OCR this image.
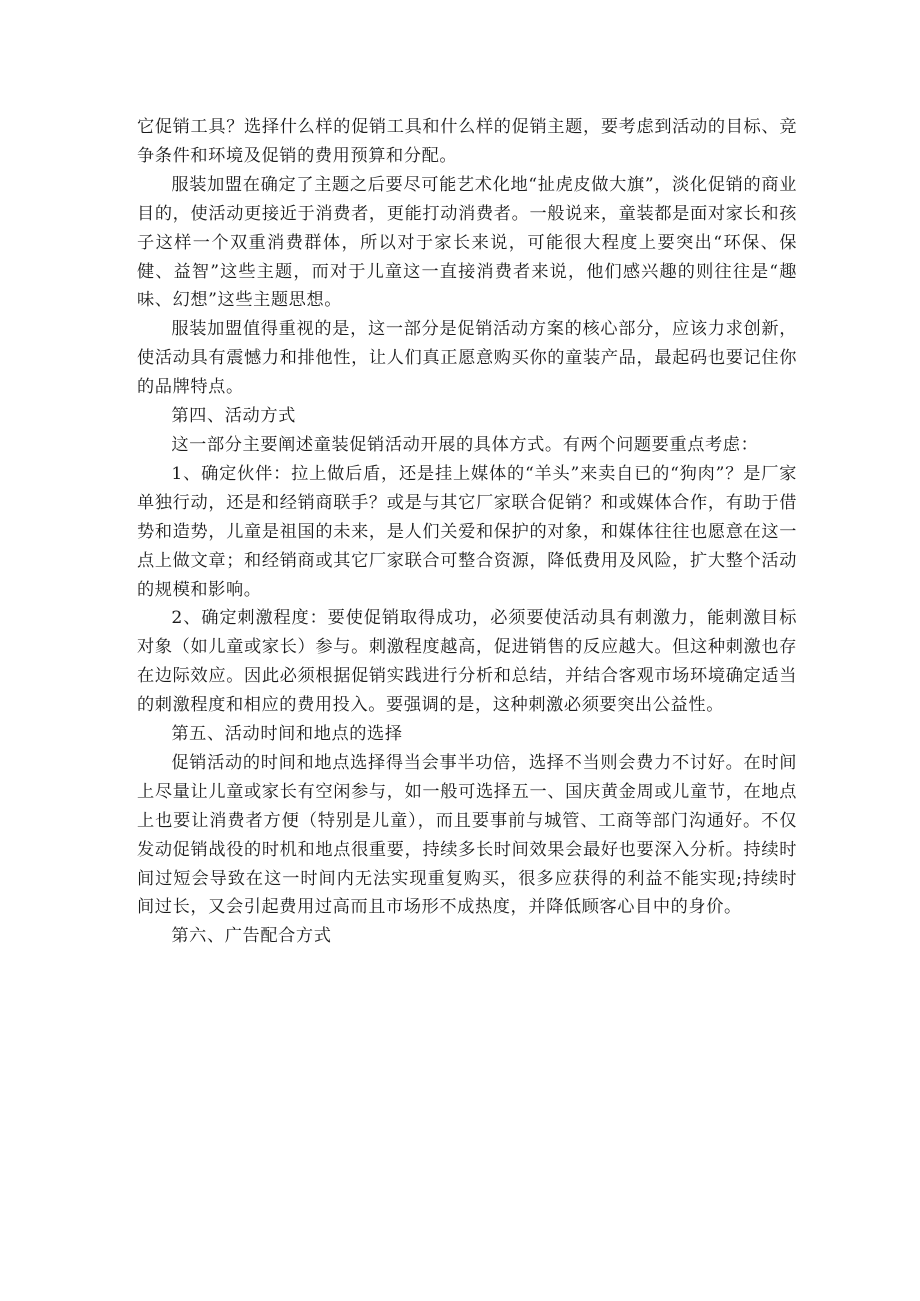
它促销工具？选择什么样的促销工具和什么样的促销主题，要考虑到活动的目标、竞争条件和环境及促销的费用预算和分配。

服装加盟在确定了主题之后要尽可能艺术化地“扯虎皮做大旗”，淡化促销的商业目的，使活动更接近于消费者，更能打动消费者。一般说来，童装都是面对家长和孩子这样一个双重消费群体，所以对于家长来说，可能很大程度上要突出“环保、保健、益智”这些主题，而对于儿童这一直接消费者来说，他们感兴趣的则往往是“趣味、幻想”这些主题思想。

服装加盟值得重视的是，这一部分是促销活动方案的核心部分，应该力求创新，使活动具有震憾力和排他性，让人们真正愿意购买你的童装产品，最起码也要记住你的品牌特点。

第四、活动方式

这一部分主要阐述童装促销活动开展的具体方式。有两个问题要重点考虑：

1、确定伙伴：拉上做后盾，还是挂上媒体的“羊头”来卖自已的“狗肉”？是厂家单独行动，还是和经销商联手？或是与其它厂家联合促销？和或媒体合作，有助于借势和造势，儿童是祖国的未来，是人们关爱和保护的对象，和媒体往往也愿意在这一点上做文章；和经销商或其它厂家联合可整合资源，降低费用及风险，扩大整个活动的规模和影响。

2、确定刺激程度：要使促销取得成功，必须要使活动具有刺激力，能刺激目标对象（如儿童或家长）参与。刺激程度越高，促进销售的反应越大。但这种刺激也存在边际效应。因此必须根据促销实践进行分析和总结，并结合客观市场环境确定适当的刺激程度和相应的费用投入。要强调的是，这种刺激必须要突出公益性。

第五、活动时间和地点的选择

促销活动的时间和地点选择得当会事半功倍，选择不当则会费力不讨好。在时间上尽量让儿童或家长有空闲参与，如一般可选择五一、国庆黄金周或儿童节，在地点上也要让消费者方便（特别是儿童），而且要事前与城管、工商等部门沟通好。不仅发动促销战役的时机和地点很重要，持续多长时间效果会最好也要深入分析。持续时间过短会导致在这一时间内无法实现重复购买，很多应获得的利益不能实现;持续时间过长，又会引起费用过高而且市场形不成热度，并降低顾客心目中的身价。

第六、广告配合方式
